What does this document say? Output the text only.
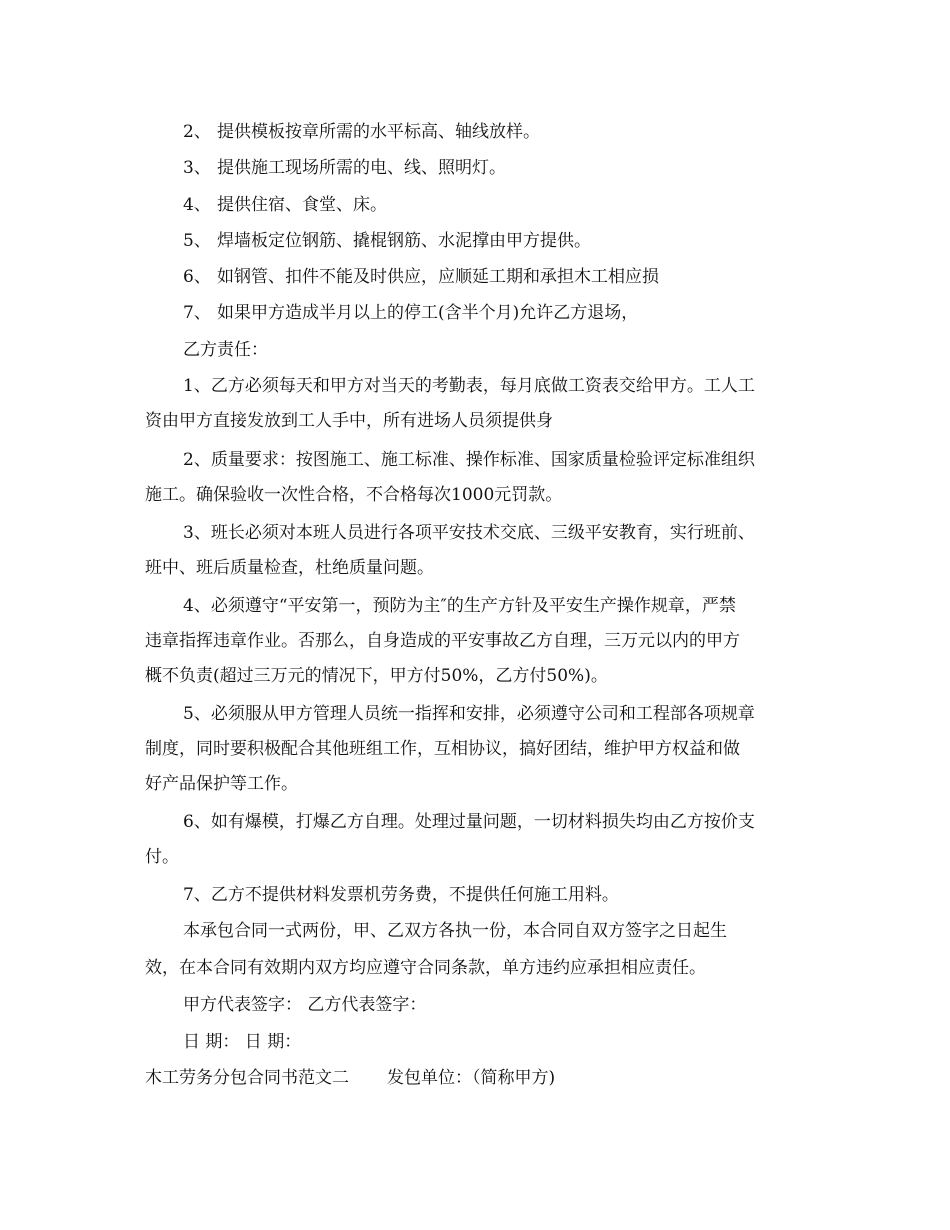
2、 提供模板按章所需的水平标高、轴线放样。
3、 提供施工现场所需的电、线、照明灯。
4、 提供住宿、食堂、床。
5、 焊墙板定位钢筋、撬棍钢筋、水泥撑由甲方提供。
6、 如钢管、扣件不能及时供应，应顺延工期和承担木工相应损
7、 如果甲方造成半月以上的停工(含半个月)允许乙方退场，
乙方责任：
1、乙方必须每天和甲方对当天的考勤表，每月底做工资表交给甲方。工人工
资由甲方直接发放到工人手中，所有进场人员须提供身
2、质量要求：按图施工、施工标准、操作标准、国家质量检验评定标准组织
施工。确保验收一次性合格，不合格每次1000元罚款。
3、班长必须对本班人员进行各项平安技术交底、三级平安教育，实行班前、
班中、班后质量检查，杜绝质量问题。
4、必须遵守“平安第一，预防为主″的生产方针及平安生产操作规章，严禁
违章指挥违章作业。否那么，自身造成的平安事故乙方自理，三万元以内的甲方
概不负责(超过三万元的情况下，甲方付50%，乙方付50%)。
5、必须服从甲方管理人员统一指挥和安排，必须遵守公司和工程部各项规章
制度，同时要积极配合其他班组工作，互相协议，搞好团结，维护甲方权益和做
好产品保护等工作。
6、如有爆模，打爆乙方自理。处理过量问题，一切材料损失均由乙方按价支
付。
7、乙方不提供材料发票机劳务费，不提供任何施工用料。
本承包合同一式两份，甲、乙双方各执一份，本合同自双方签字之日起生
效，在本合同有效期内双方均应遵守合同条款，单方违约应承担相应责任。
甲方代表签字： 乙方代表签字：
日 期： 日 期：
木工劳务分包合同书范文二 发包单位：（简称甲方)
